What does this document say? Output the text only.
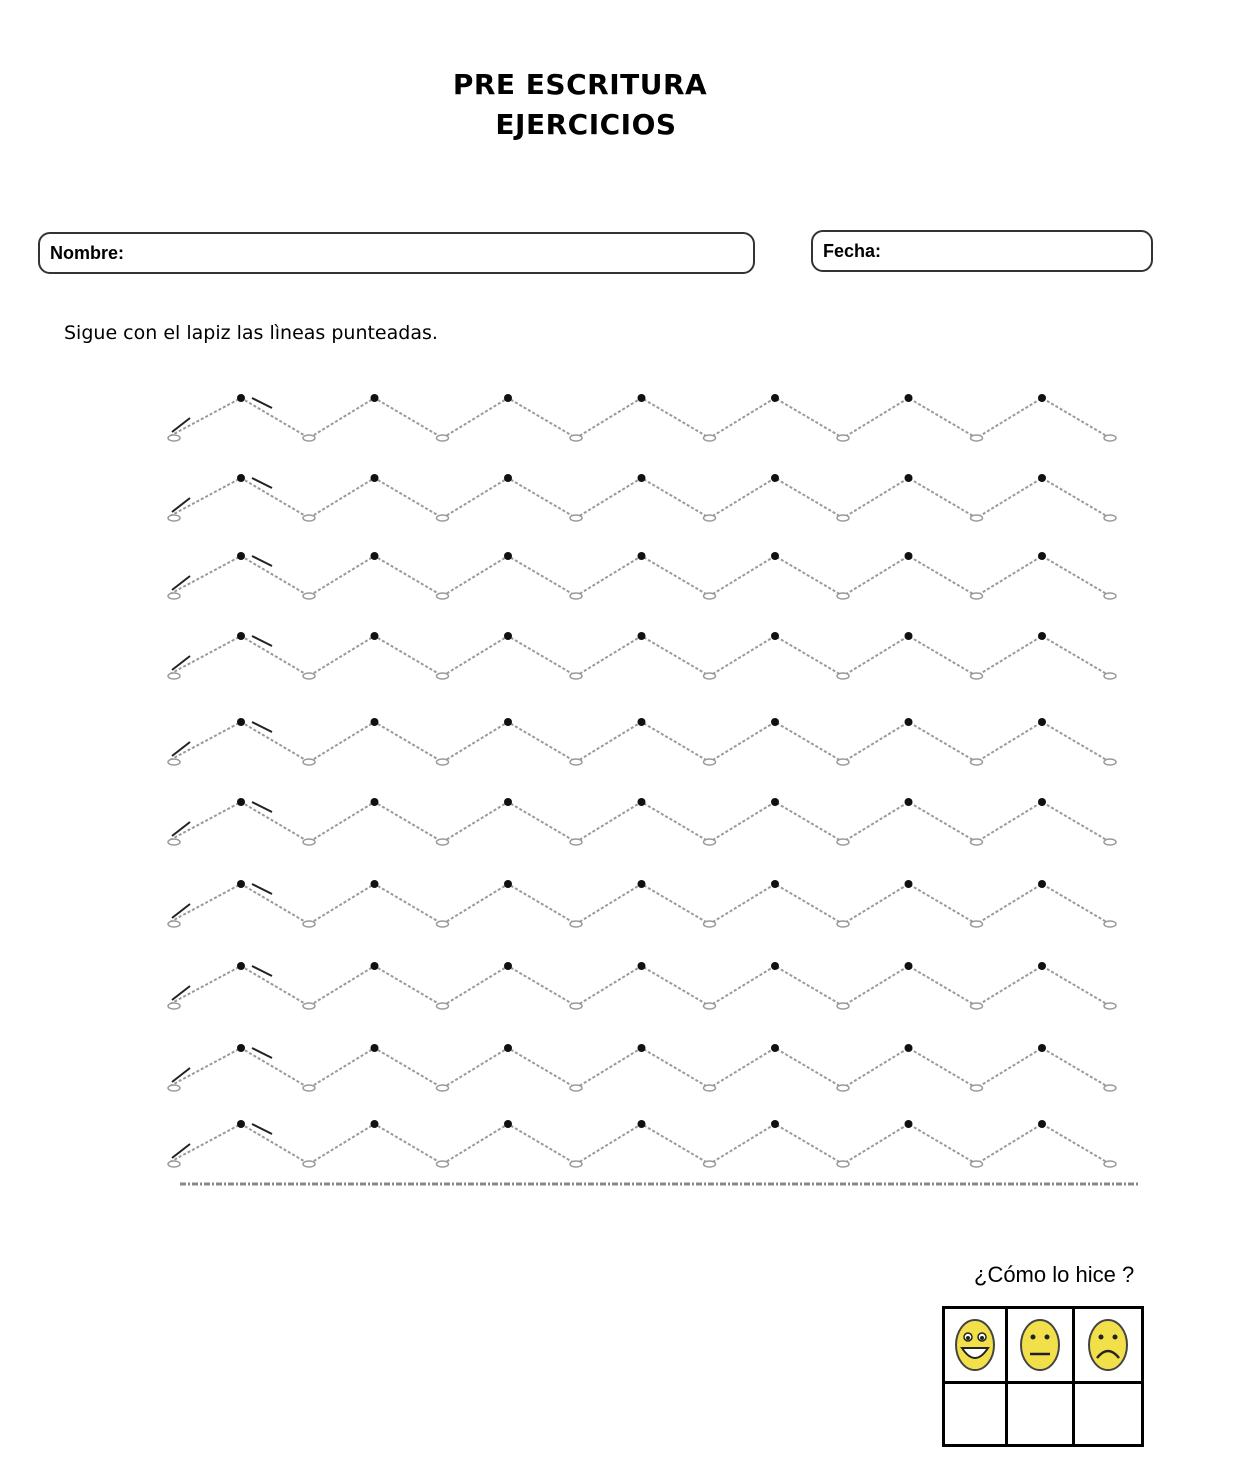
PRE ESCRITURA
EJERCICIOS
Nombre:	Fecha:
Sigue con el lapiz las lìneas punteadas.
¿Cómo lo hice ?
